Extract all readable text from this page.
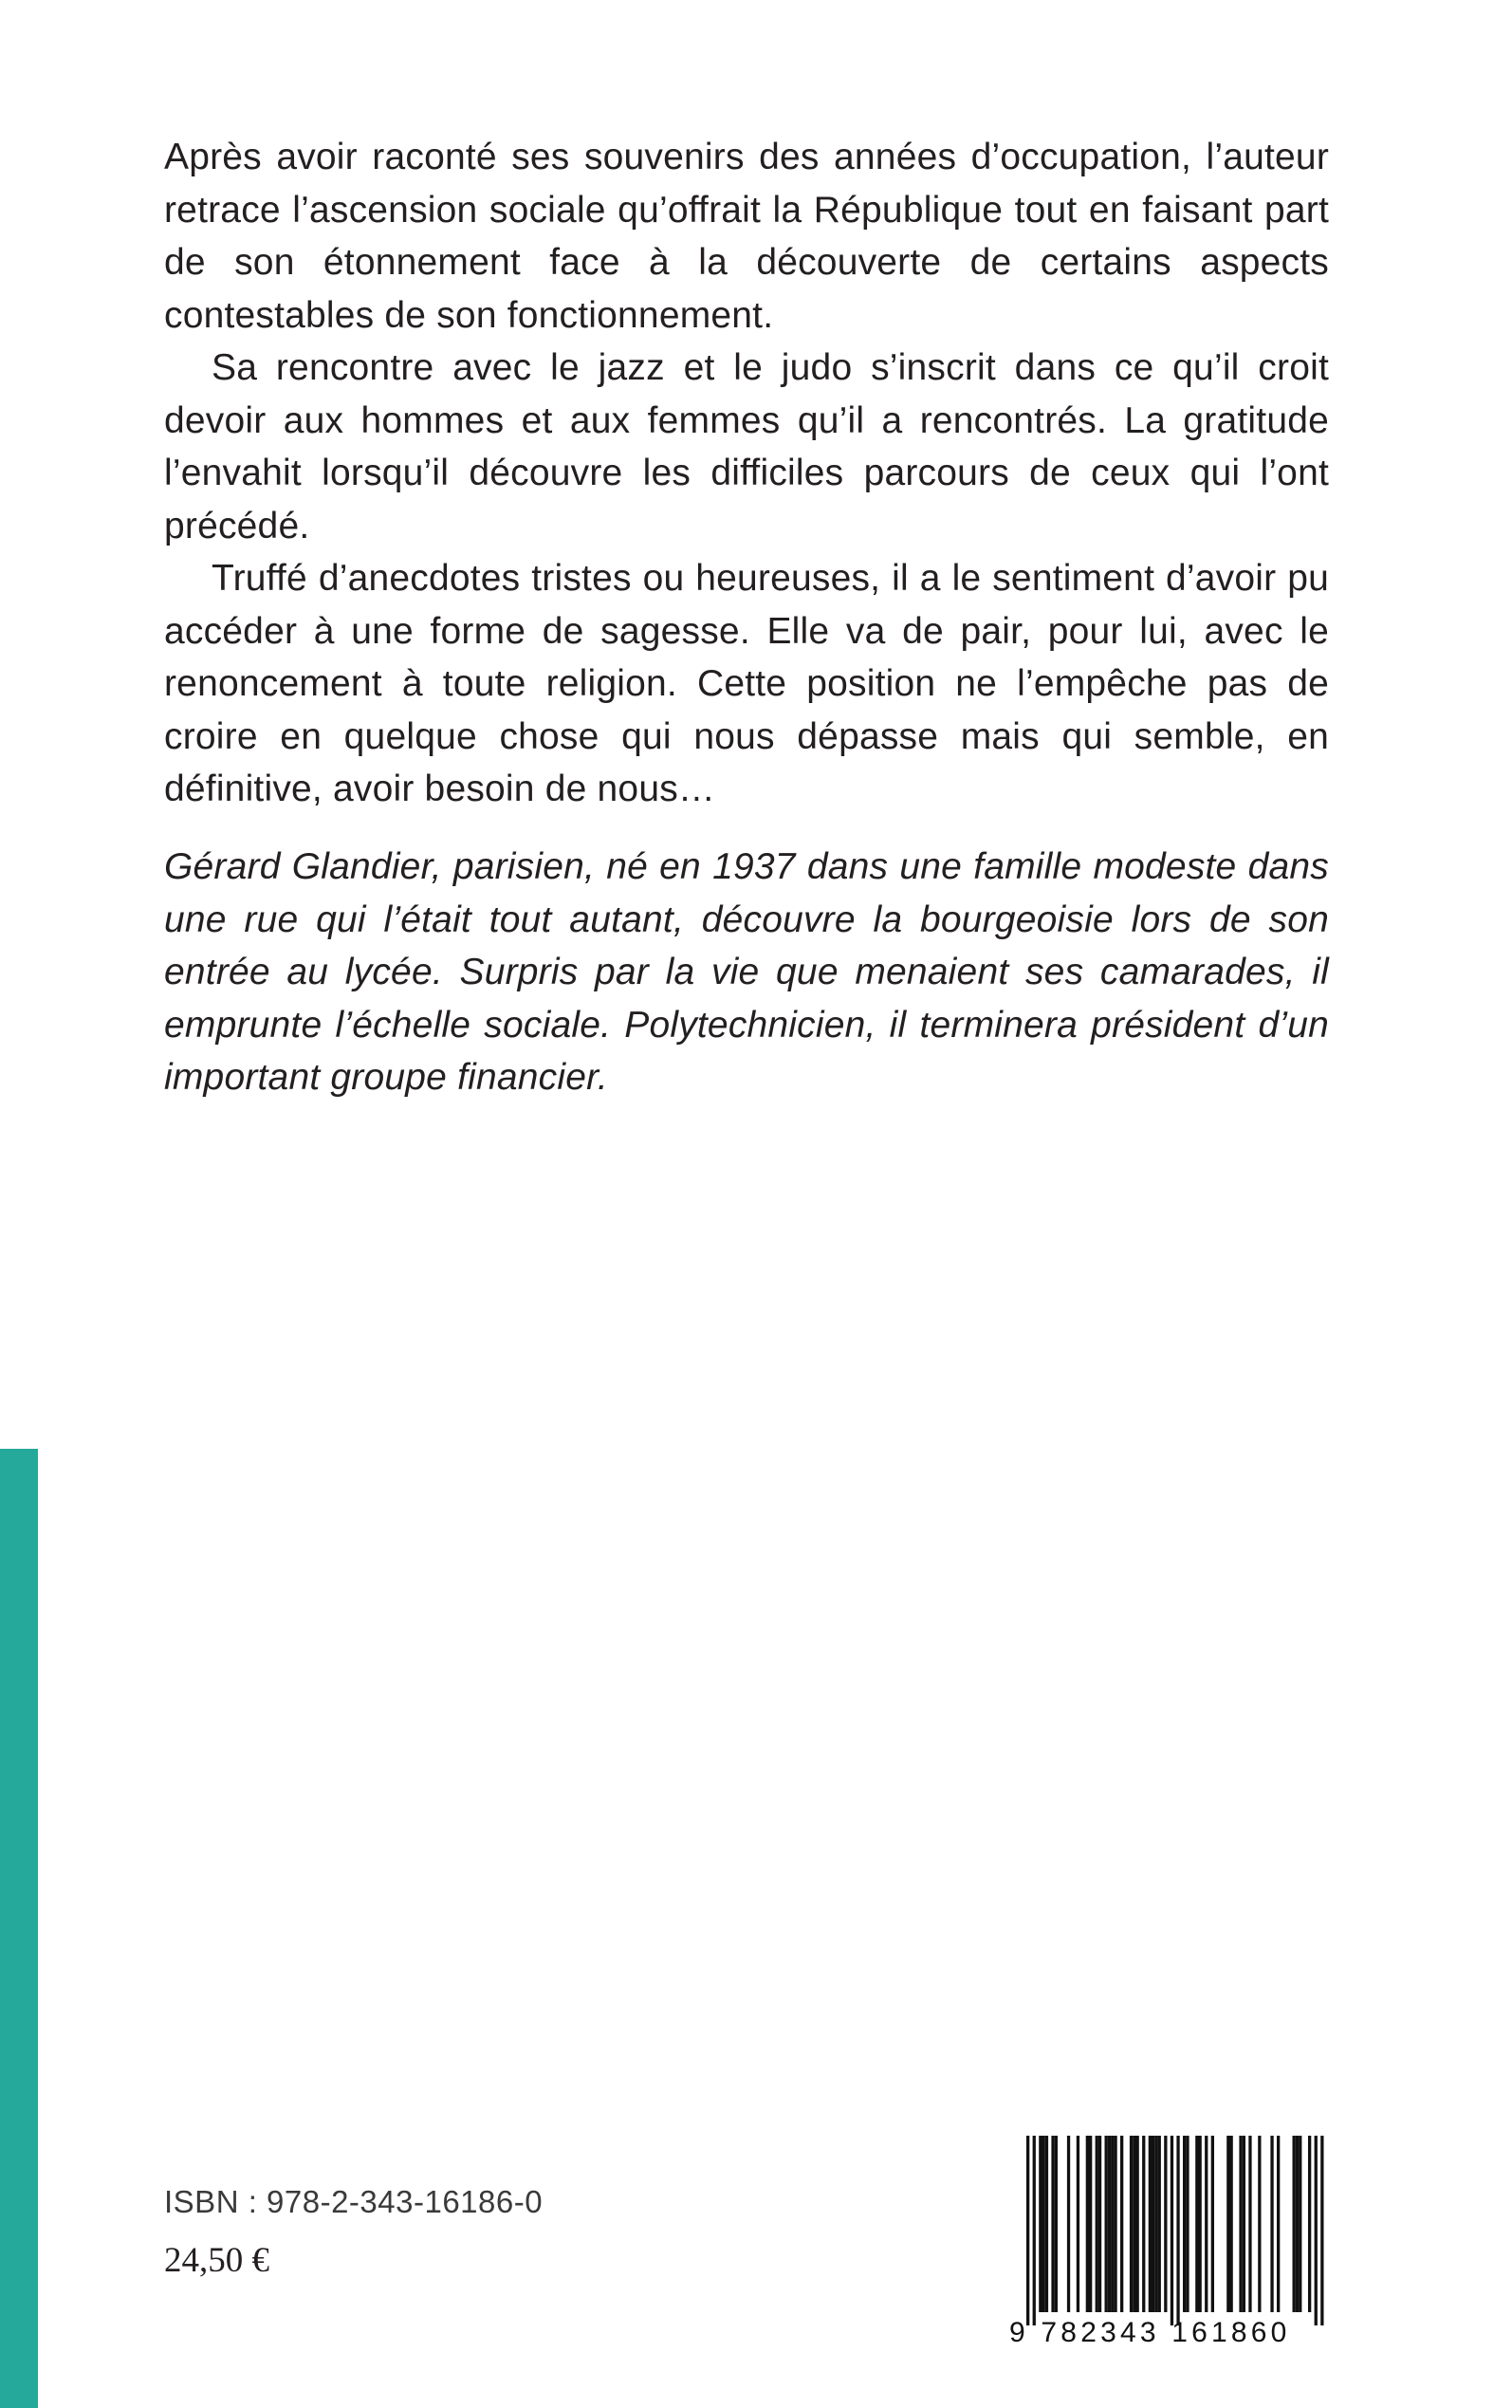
Après avoir raconté ses souvenirs des années d’occupation, l’auteur retrace l’ascension sociale qu’offrait la République tout en faisant part de son étonnement face à la découverte de certains aspects contestables de son fonctionnement.

Sa rencontre avec le jazz et le judo s’inscrit dans ce qu’il croit devoir aux hommes et aux femmes qu’il a rencontrés. La gratitude l’envahit lorsqu’il découvre les difficiles parcours de ceux qui l’ont précédé.

Truffé d’anecdotes tristes ou heureuses, il a le sentiment d’avoir pu accéder à une forme de sagesse. Elle va de pair, pour lui, avec le renoncement à toute religion. Cette position ne l’empêche pas de croire en quelque chose qui nous dépasse mais qui semble, en définitive, avoir besoin de nous…

Gérard Glandier, parisien, né en 1937 dans une famille modeste dans une rue qui l’était tout autant, découvre la bourgeoisie lors de son entrée au lycée. Surpris par la vie que menaient ses camarades, il emprunte l’échelle sociale. Polytechnicien, il terminera président d’un important groupe financier.

ISBN : 978-2-343-16186-0
24,50 €
9 782343 161860
